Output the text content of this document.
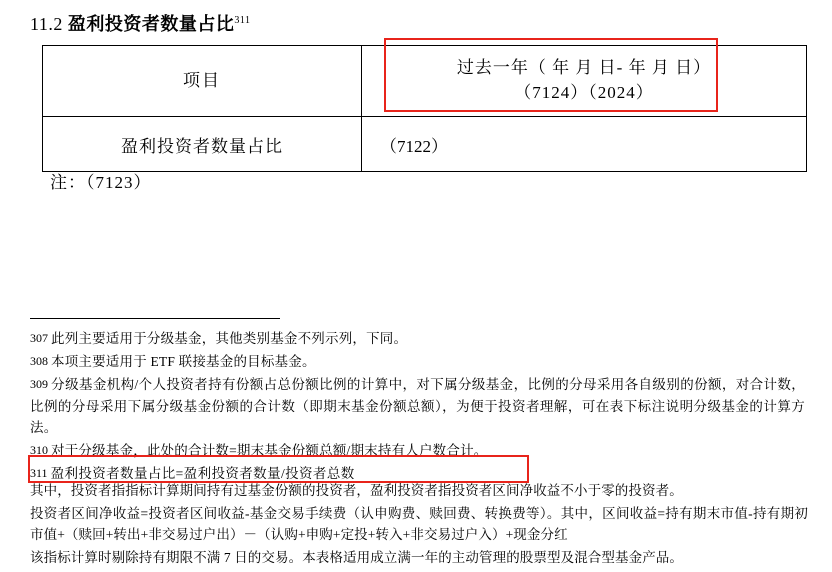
11.2 盈利投资者数量占比$^{311}$
项目	过去一年（ 年 月 日- 年 月 日）
（7124）（2024）

盈利投资者数量占比	（7122）
注：（7123）
307 此列主要适用于分级基金，其他类别基金不列示列，下同。
308 本项主要适用于 ETF 联接基金的目标基金。
309 分级基金机构/个人投资者持有份额占总份额比例的计算中，对下属分级基金，比例的分母采用各自级别的份额，对合计数，比例的分母采用下属分级基金份额的合计数（即期末基金份额总额），为便于投资者理解，可在表下标注说明分级基金的计算方法。
310 对于分级基金，此处的合计数=期末基金份额总额/期末持有人户数合计。
311 盈利投资者数量占比=盈利投资者数量/投资者总数

其中，投资者指指标计算期间持有过基金份额的投资者，盈利投资者指投资者区间净收益不小于零的投资者。

投资者区间净收益=投资者区间收益-基金交易手续费（认申购费、赎回费、转换费等）。其中，区间收益=持有期末市值-持有期初市值+（赎回+转出+非交易过户出）－（认购+申购+定投+转入+非交易过户入）+现金分红

该指标计算时剔除持有期限不满 7 日的交易。本表格适用成立满一年的主动管理的股票型及混合型基金产品。
